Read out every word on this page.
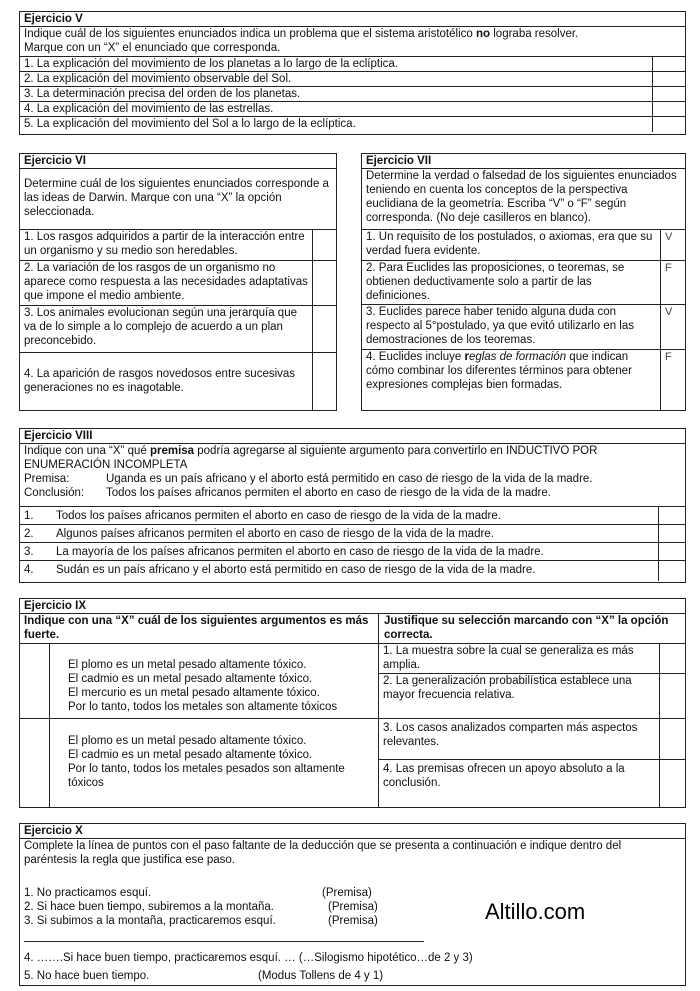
Ejercicio V
Indique cuál de los siguientes enunciados indica un problema que el sistema aristotélico no lograba resolver.
Marque con un “X” el enunciado que corresponda.
1. La explicación del movimiento de los planetas a lo largo de la eclíptica.
2. La explicación del movimiento observable del Sol.
3. La determinación precisa del orden de los planetas.
4. La explicación del movimiento de las estrellas.
5. La explicación del movimiento del Sol a lo largo de la eclíptica.
Ejercicio VI
Determine cuál de los siguientes enunciados corresponde a las ideas de Darwin. Marque con una “X” la opción seleccionada.
1. Los rasgos adquiridos a partir de la interacción entre un organismo y su medio son heredables.
2. La variación de los rasgos de un organismo no aparece como respuesta a las necesidades adaptativas que impone el medio ambiente.
3. Los animales evolucionan según una jerarquía que va de lo simple a lo complejo de acuerdo a un plan preconcebido.
4. La aparición de rasgos novedosos entre sucesivas generaciones no es inagotable.
Ejercicio VII
Determine la verdad o falsedad de los siguientes enunciados teniendo en cuenta los conceptos de la perspectiva euclidiana de la geometría. Escriba “V” o “F” según corresponda. (No deje casilleros en blanco).
1. Un requisito de los postulados, o axiomas, era que su verdad fuera evidente.
V
2. Para Euclides las proposiciones, o teoremas, se obtienen deductivamente solo a partir de las definiciones.
F
3. Euclides parece haber tenido alguna duda con respecto al 5°postulado, ya que evitó utilizarlo en las demostraciones de los teoremas.
V
4. Euclides incluye reglas de formación que indican cómo combinar los diferentes términos para obtener expresiones complejas bien formadas.
F
Ejercicio VIII
Indique con una “X” qué premisa podría agregarse al siguiente argumento para convertirlo en INDUCTIVO POR ENUMERACIÓN INCOMPLETA
Premisa:	Uganda es un país africano y el aborto está permitido en caso de riesgo de la vida de la madre.
Conclusión: Todos los países africanos permiten el aborto en caso de riesgo de la vida de la madre.
1. Todos los países africanos permiten el aborto en caso de riesgo de la vida de la madre.
2. Algunos países africanos permiten el aborto en caso de riesgo de la vida de la madre.
3. La mayoría de los países africanos permiten el aborto en caso de riesgo de la vida de la madre.
4. Sudán es un país africano y el aborto está permitido en caso de riesgo de la vida de la madre.
Ejercicio IX
Indique con una “X” cuál de los siguientes argumentos es más fuerte.
Justifique su selección marcando con “X” la opción correcta.
El plomo es un metal pesado altamente tóxico.
El cadmio es un metal pesado altamente tóxico.
El mercurio es un metal pesado altamente tóxico.
Por lo tanto, todos los metales son altamente tóxicos
El plomo es un metal pesado altamente tóxico.
El cadmio es un metal pesado altamente tóxico.
Por lo tanto, todos los metales pesados son altamente tóxicos
1. La muestra sobre la cual se generaliza es más amplia.
2. La generalización probabilística establece una mayor frecuencia relativa.
3. Los casos analizados comparten más aspectos relevantes.
4. Las premisas ofrecen un apoyo absoluto a la conclusión.
Ejercicio X
Complete la línea de puntos con el paso faltante de la deducción que se presenta a continuación e indique dentro del paréntesis la regla que justifica ese paso.
1. No practicamos esquí.	(Premisa)
2. Si hace buen tiempo, subiremos a la montaña.	(Premisa)
3. Si subimos a la montaña, practicaremos esquí.	(Premisa)	Altillo.com
4. …….Si hace buen tiempo, practicaremos esquí. … (…Silogismo hipotético…de 2 y 3)
5. No hace buen tiempo.	(Modus Tollens de 4 y 1)
